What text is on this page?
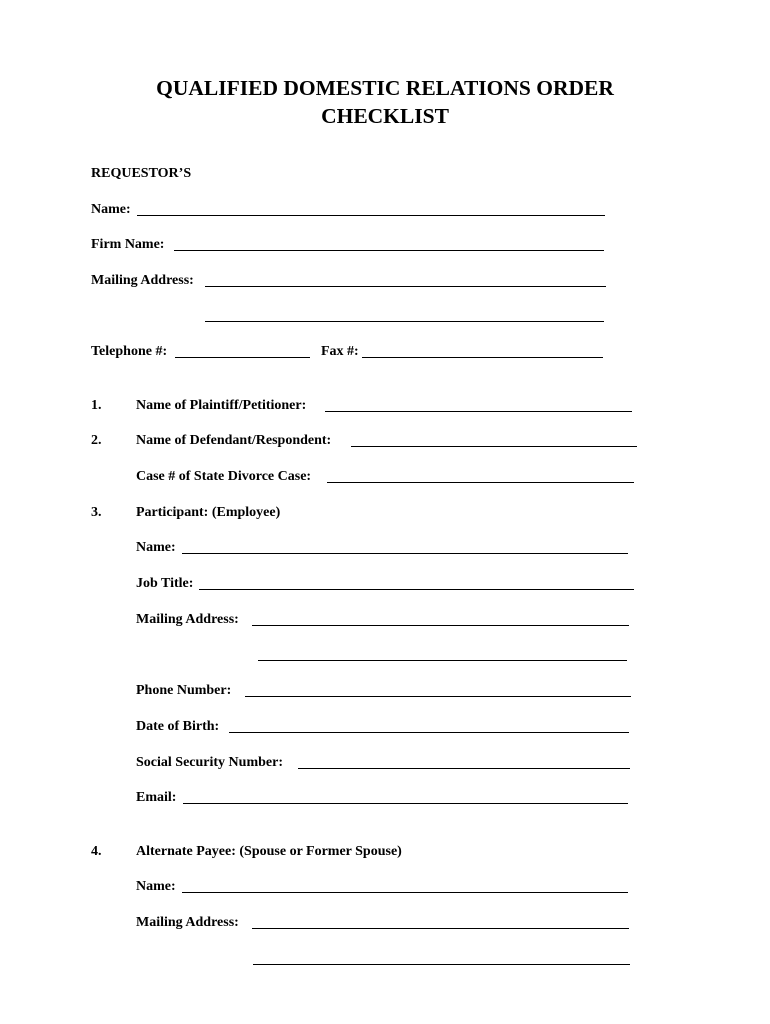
QUALIFIED DOMESTIC RELATIONS ORDER
CHECKLIST
REQUESTOR’S
Name:
Firm Name:
Mailing Address:
Telephone #:	Fax #:
1. Name of Plaintiff/Petitioner:
2. Name of Defendant/Respondent:
Case # of State Divorce Case:
3. Participant: (Employee)
Name:
Job Title:
Mailing Address:
Phone Number:
Date of Birth:
Social Security Number:
Email:
4. Alternate Payee: (Spouse or Former Spouse)
Name:
Mailing Address:
